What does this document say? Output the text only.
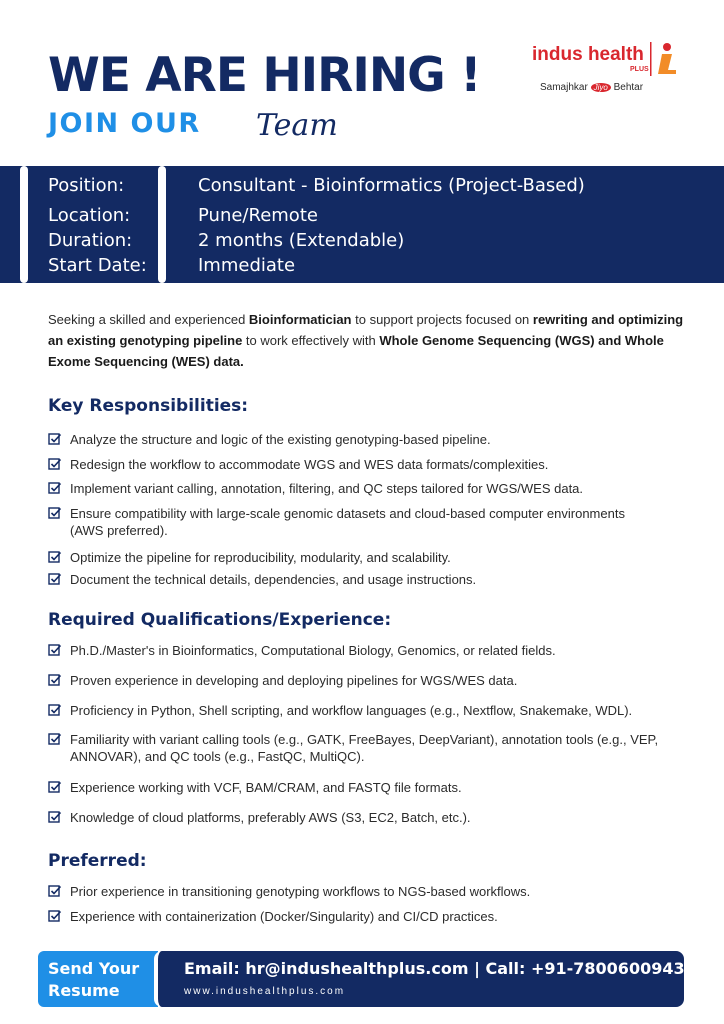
WE ARE HIRING !
JOIN OUR Team
indus health
PLUS
Samajhkar Jiyo Behtar
Position:	Consultant - Bioinformatics (Project-Based)
Location:	Pune/Remote
Duration:	2 months (Extendable)
Start Date:	Immediate
Seeking a skilled and experienced Bioinformatician to support projects focused on rewriting and optimizing an existing genotyping pipeline to work effectively with Whole Genome Sequencing (WGS) and Whole Exome Sequencing (WES) data.
Key Responsibilities:
Analyze the structure and logic of the existing genotyping-based pipeline.
Redesign the workflow to accommodate WGS and WES data formats/complexities.
Implement variant calling, annotation, filtering, and QC steps tailored for WGS/WES data.
Ensure compatibility with large-scale genomic datasets and cloud-based computer environments (AWS preferred).
Optimize the pipeline for reproducibility, modularity, and scalability.
Document the technical details, dependencies, and usage instructions.
Required Qualifications/Experience:
Ph.D./Master's in Bioinformatics, Computational Biology, Genomics, or related fields.
Proven experience in developing and deploying pipelines for WGS/WES data.
Proficiency in Python, Shell scripting, and workflow languages (e.g., Nextflow, Snakemake, WDL).
Familiarity with variant calling tools (e.g., GATK, FreeBayes, DeepVariant), annotation tools (e.g., VEP, ANNOVAR), and QC tools (e.g., FastQC, MultiQC).
Experience working with VCF, BAM/CRAM, and FASTQ file formats.
Knowledge of cloud platforms, preferably AWS (S3, EC2, Batch, etc.).
Preferred:
Prior experience in transitioning genotyping workflows to NGS-based workflows.
Experience with containerization (Docker/Singularity) and CI/CD practices.
Send Your
Resume
Email: hr@indushealthplus.com | Call: +91-7800600943
www.indushealthplus.com
